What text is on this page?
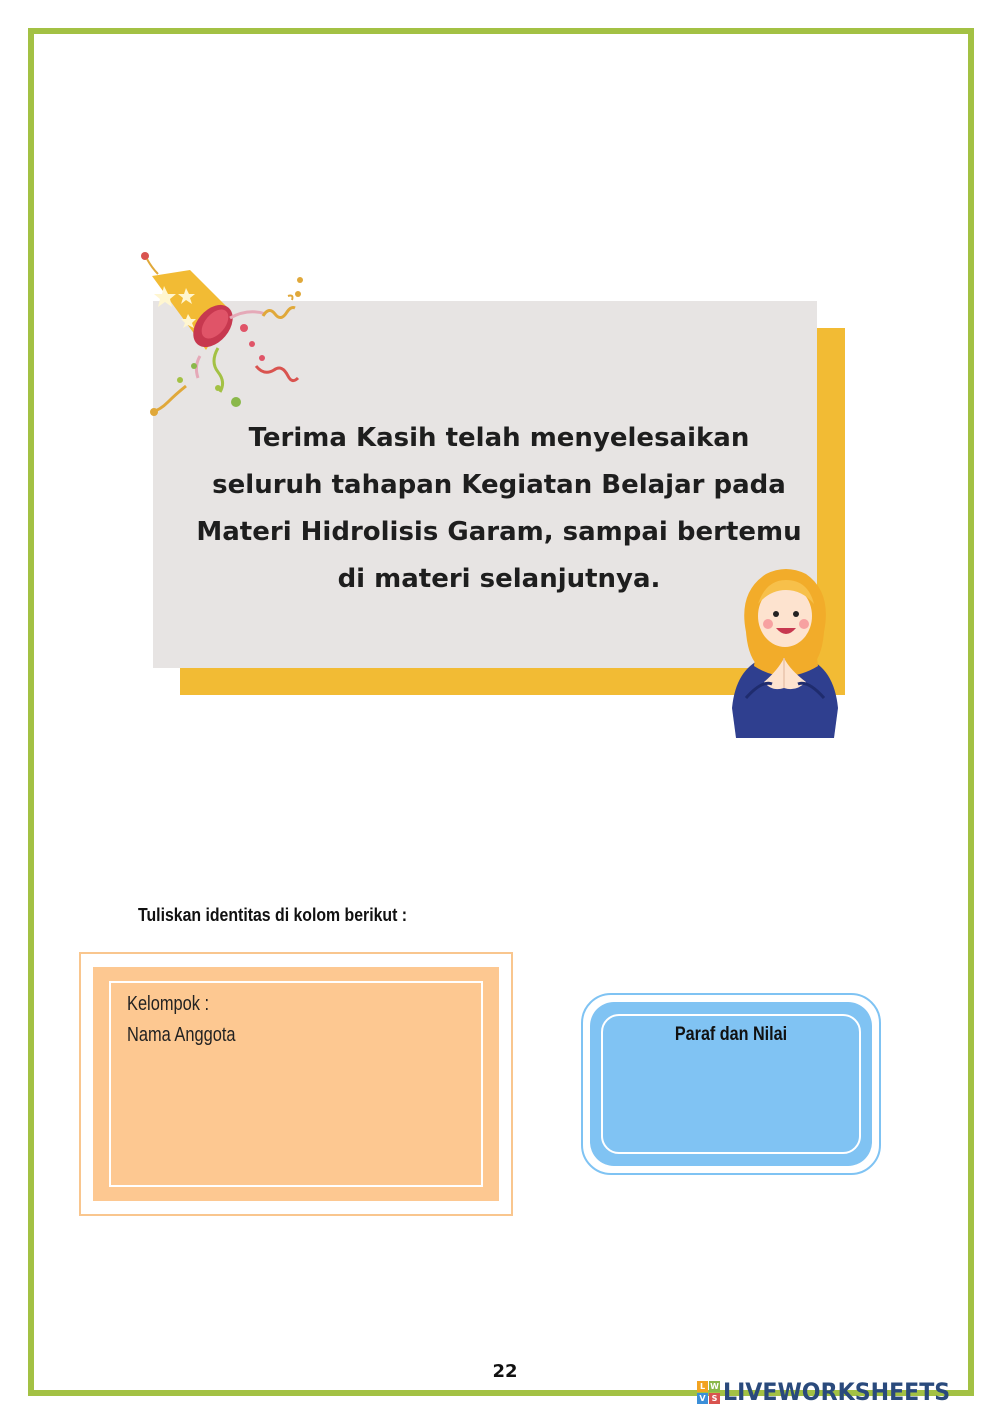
Terima Kasih telah menyelesaikan
seluruh tahapan Kegiatan Belajar pada
Materi Hidrolisis Garam, sampai bertemu
di materi selanjutnya.

Tuliskan identitas di kolom berikut :
Kelompok :
Nama Anggota	Paraf dan Nilai
22
L W
V S LIVEWORKSHEETS
